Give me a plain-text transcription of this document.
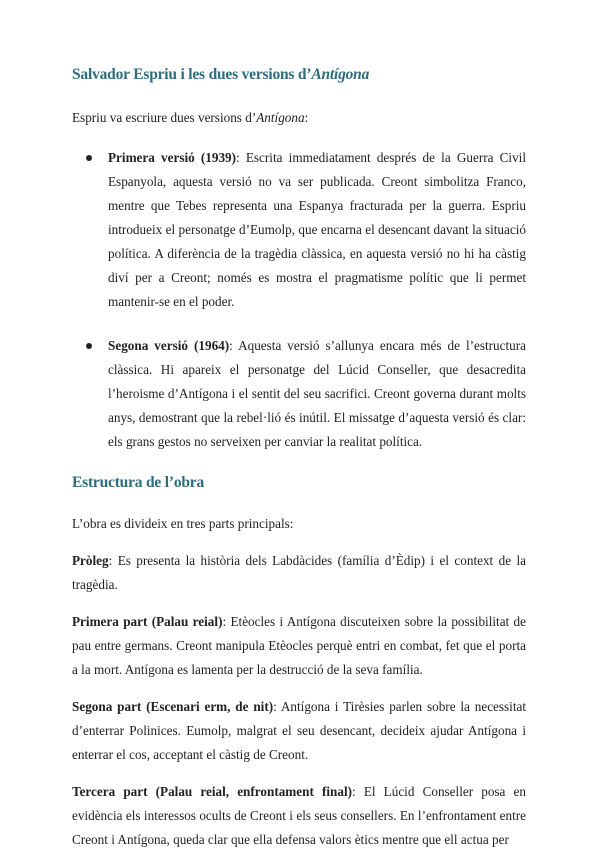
Salvador Espriu i les dues versions d’Antígona

Espriu va escriure dues versions d’Antígona:

Primera versió (1939): Escrita immediatament després de la Guerra Civil Espanyola, aquesta versió no va ser publicada. Creont simbolitza Franco, mentre que Tebes representa una Espanya fracturada per la guerra. Espriu introdueix el personatge d’Eumolp, que encarna el desencant davant la situació política. A diferència de la tragèdia clàssica, en aquesta versió no hi ha càstig diví per a Creont; només es mostra el pragmatisme polític que li permet mantenir-se en el poder.

Segona versió (1964): Aquesta versió s’allunya encara més de l’estructura clàssica. Hi apareix el personatge del Lúcid Conseller, que desacredita l’heroisme d’Antígona i el sentit del seu sacrifici. Creont governa durant molts anys, demostrant que la rebel·lió és inútil. El missatge d’aquesta versió és clar: els grans gestos no serveixen per canviar la realitat política.

Estructura de l’obra

L’obra es divideix en tres parts principals:

Pròleg: Es presenta la història dels Labdàcides (família d’Èdip) i el context de la tragèdia.

Primera part (Palau reial): Etèocles i Antígona discuteixen sobre la possibilitat de pau entre germans. Creont manipula Etèocles perquè entri en combat, fet que el porta a la mort. Antígona es lamenta per la destrucció de la seva família.

Segona part (Escenari erm, de nit): Antígona i Tirèsies parlen sobre la necessitat d’enterrar Polinices. Eumolp, malgrat el seu desencant, decideix ajudar Antígona i enterrar el cos, acceptant el càstig de Creont.

Tercera part (Palau reial, enfrontament final): El Lúcid Conseller posa en evidència els interessos ocults de Creont i els seus consellers. En l’enfrontament entre Creont i Antígona, queda clar que ella defensa valors ètics mentre que ell actua per
